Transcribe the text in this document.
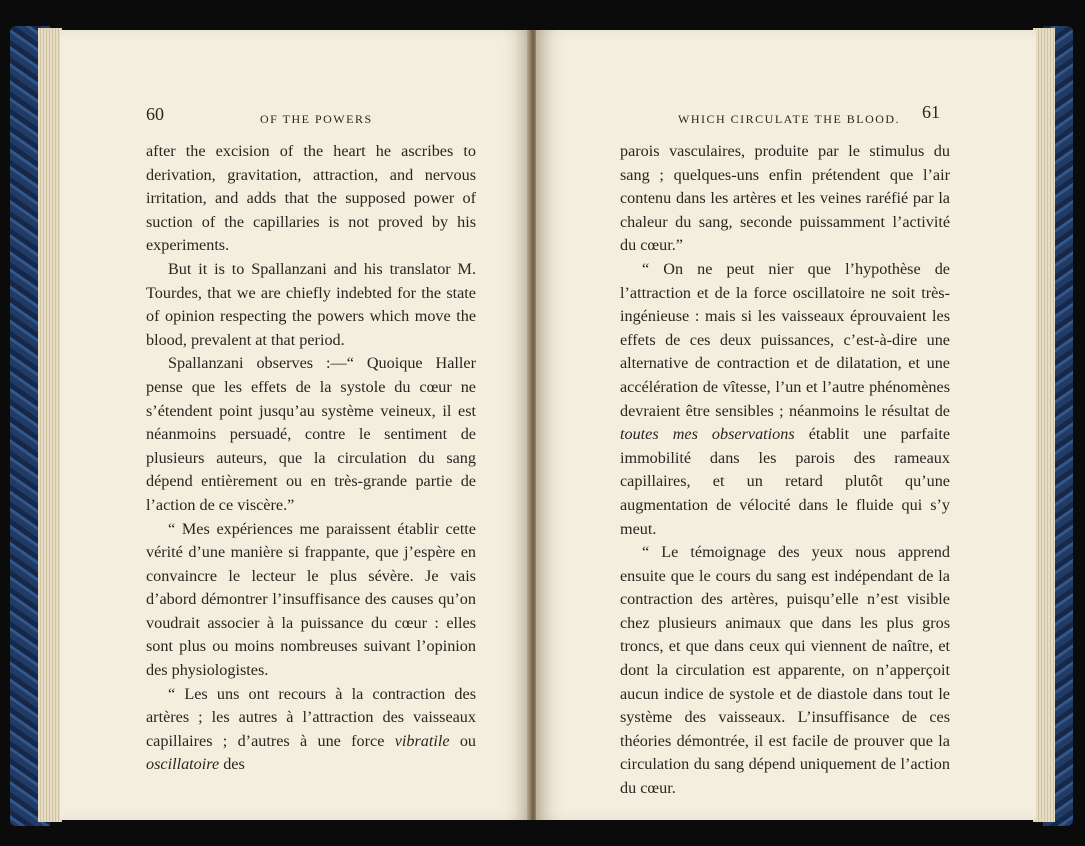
60	OF THE POWERS

after the excision of the heart he ascribes to derivation, gravitation, attraction, and nervous irritation, and adds that the supposed power of suction of the capillaries is not proved by his experiments.

But it is to Spallanzani and his translator M. Tourdes, that we are chiefly indebted for the state of opinion respecting the powers which move the blood, prevalent at that period.

Spallanzani observes :—“ Quoique Haller pense que les effets de la systole du cœur ne s’étendent point jusqu’au système veineux, il est néanmoins persuadé, contre le sentiment de plusieurs auteurs, que la circulation du sang dépend entièrement ou en très-grande partie de l’action de ce viscère.”

“ Mes expériences me paraissent établir cette vérité d’une manière si frappante, que j’espère en convaincre le lecteur le plus sévère. Je vais d’abord démontrer l’insuffisance des causes qu’on voudrait associer à la puissance du cœur : elles sont plus ou moins nombreuses suivant l’opinion des physiologistes.

“ Les uns ont recours à la contraction des artères ; les autres à l’attraction des vaisseaux capillaires ; d’autres à une force vibratile ou oscillatoire des

WHICH CIRCULATE THE BLOOD. 61

parois vasculaires, produite par le stimulus du sang ; quelques-uns enfin prétendent que l’air contenu dans les artères et les veines raréfié par la chaleur du sang, seconde puissamment l’activité du cœur.”

“ On ne peut nier que l’hypothèse de l’attraction et de la force oscillatoire ne soit très-ingénieuse : mais si les vaisseaux éprouvaient les effets de ces deux puissances, c’est-à-dire une alternative de contraction et de dilatation, et une accélération de vîtesse, l’un et l’autre phénomènes devraient être sensibles ; néanmoins le résultat de toutes mes observations établit une parfaite immobilité dans les parois des rameaux capillaires, et un retard plutôt qu’une augmentation de vélocité dans le fluide qui s’y meut.

“ Le témoignage des yeux nous apprend ensuite que le cours du sang est indépendant de la contraction des artères, puisqu’elle n’est visible chez plusieurs animaux que dans les plus gros troncs, et que dans ceux qui viennent de naître, et dont la circulation est apparente, on n’apperçoit aucun indice de systole et de diastole dans tout le système des vaisseaux. L’insuffisance de ces théories démontrée, il est facile de prouver que la circulation du sang dépend uniquement de l’action du cœur.
